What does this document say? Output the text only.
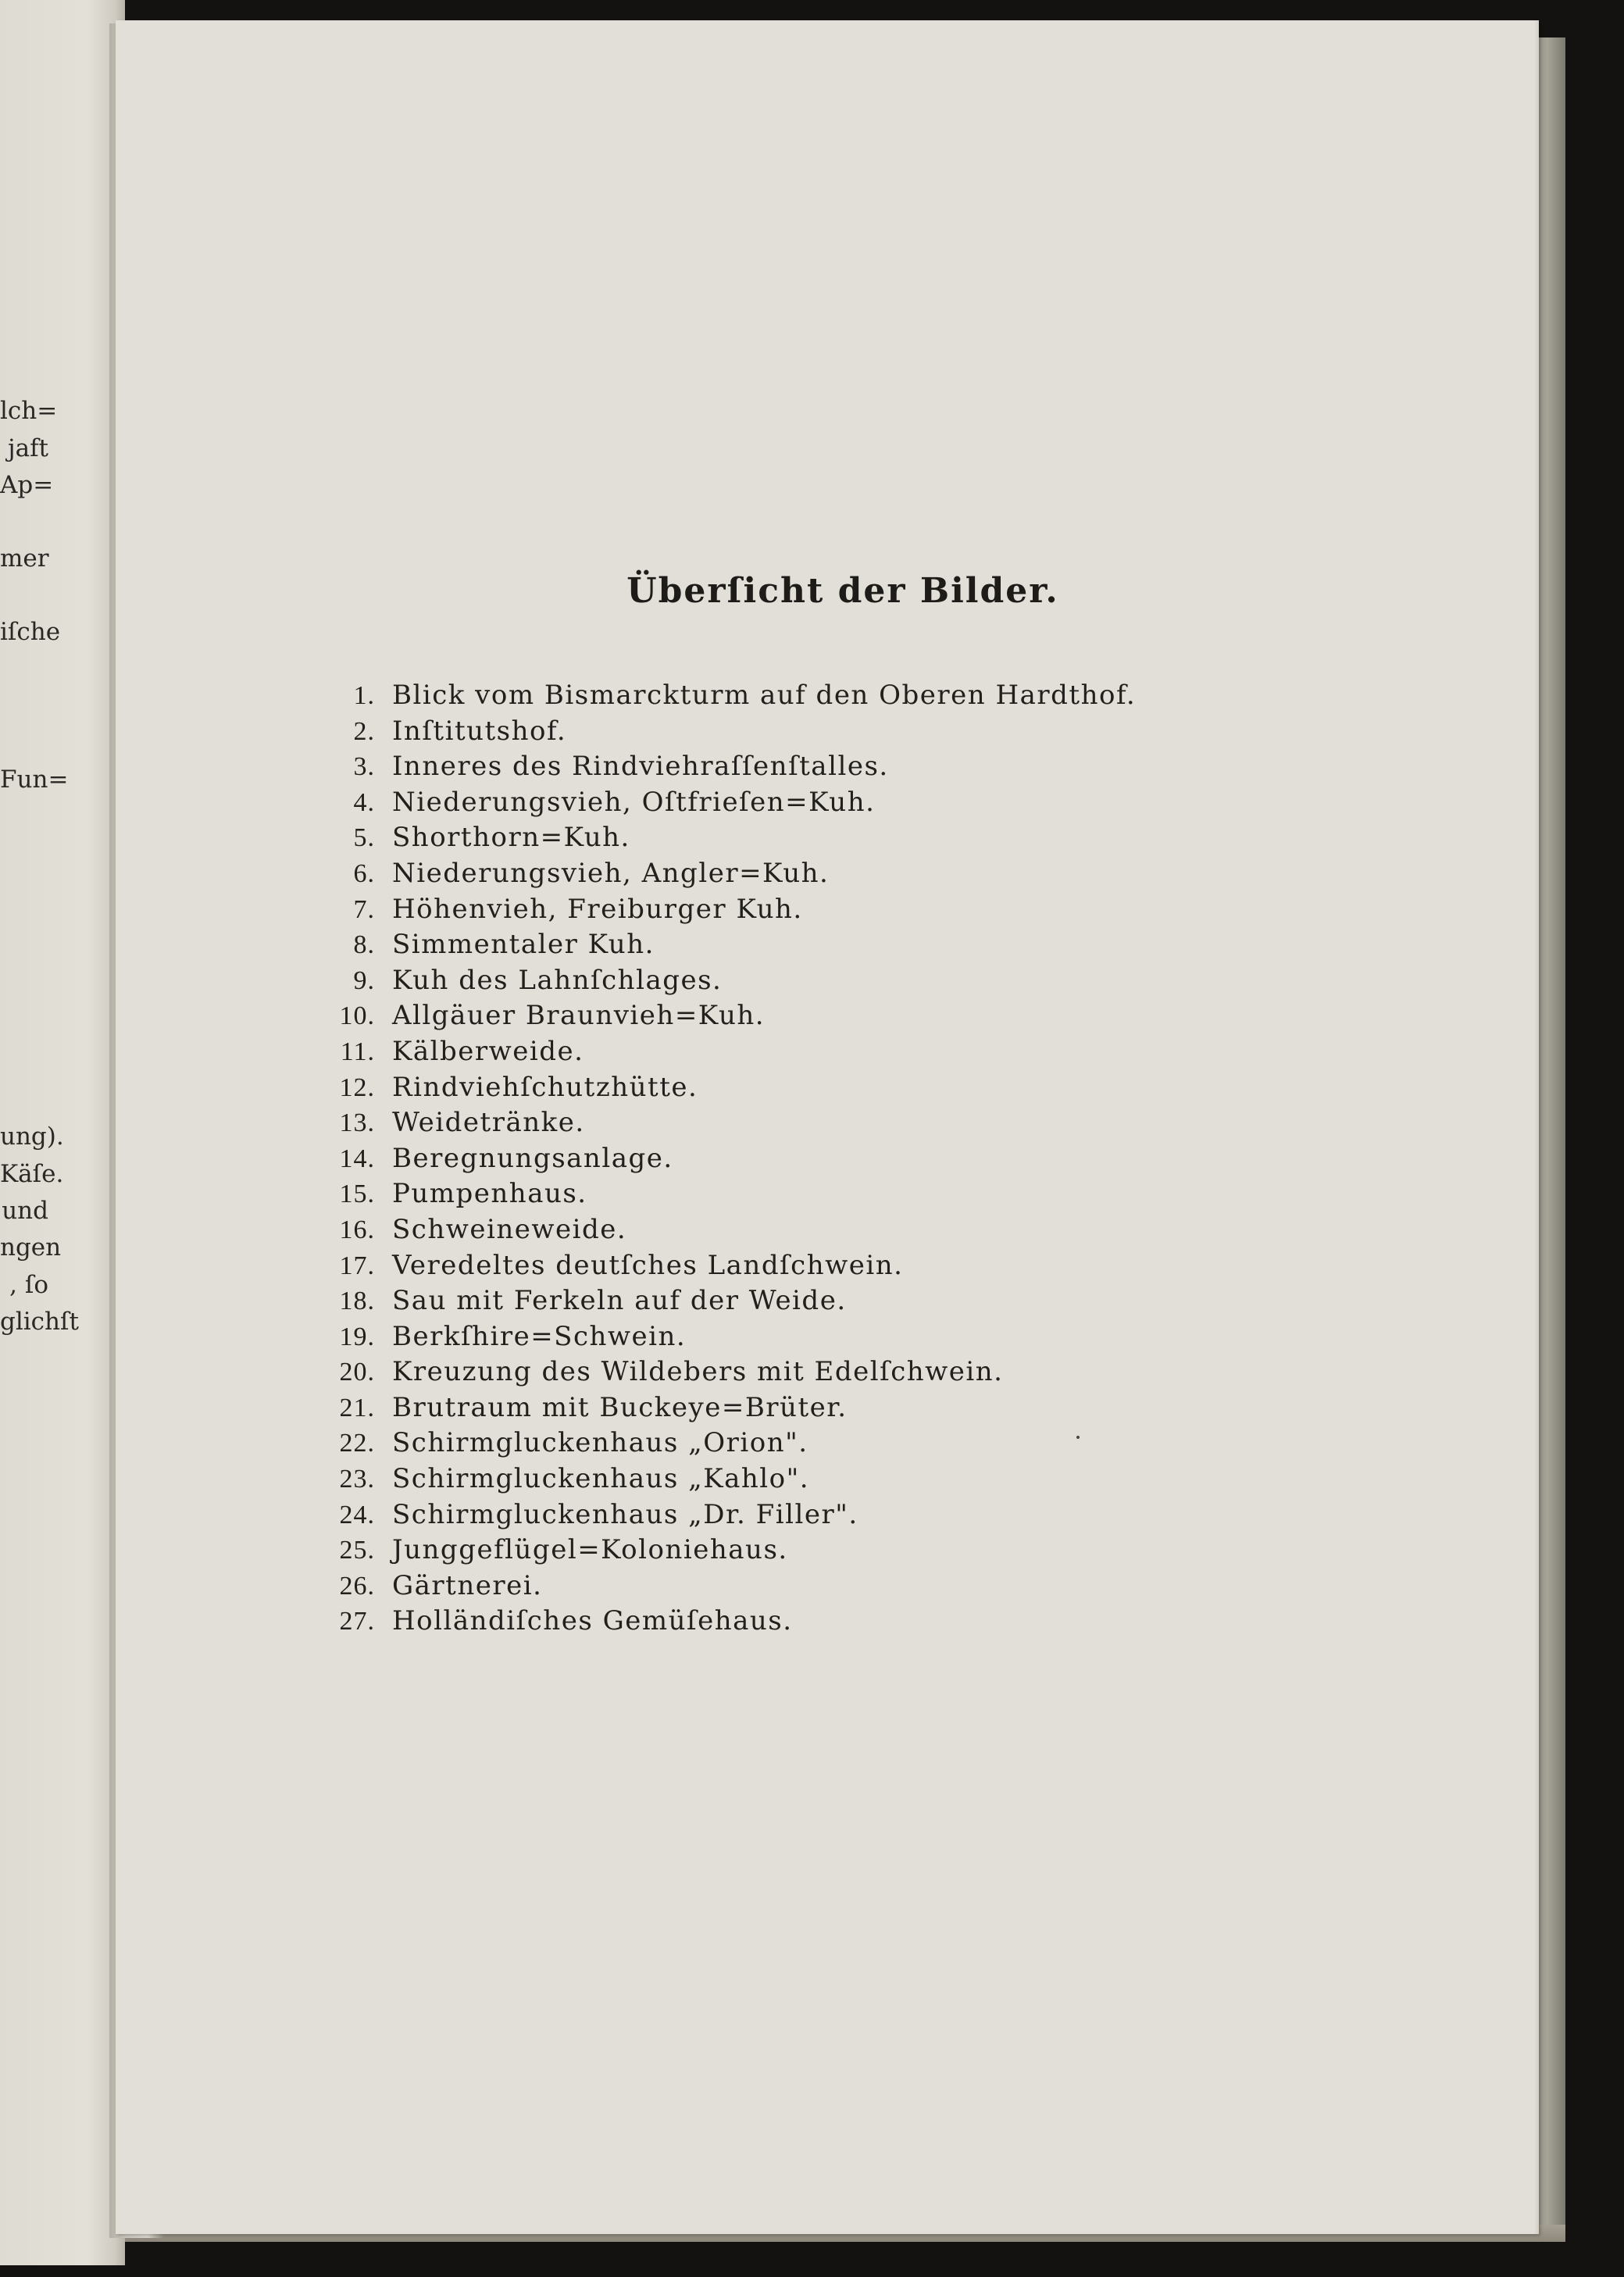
lch=
jaft
Ap=
mer
iſche
Fun=
ung).
Käſe.
und
ngen
, ſo
glichſt
Überſicht der Bilder.
1. Blick vom Bismarckturm auf den Oberen Hardthof.
2. Inſtitutshof.
3. Inneres des Rindviehraſſenſtalles.
4. Niederungsvieh, Oſtfrieſen=Kuh.
5. Shorthorn=Kuh.
6. Niederungsvieh, Angler=Kuh.
7. Höhenvieh, Freiburger Kuh.
8. Simmentaler Kuh.
9. Kuh des Lahnſchlages.
10. Allgäuer Braunvieh=Kuh.
11. Kälberweide.
12. Rindviehſchutzhütte.
13. Weidetränke.
14. Beregnungsanlage.
15. Pumpenhaus.
16. Schweineweide.
17. Veredeltes deutſches Landſchwein.
18. Sau mit Ferkeln auf der Weide.
19. Berkſhire=Schwein.
20. Kreuzung des Wildebers mit Edelſchwein.
21. Brutraum mit Buckeye=Brüter.
22. Schirmgluckenhaus „Orion".
23. Schirmgluckenhaus „Kahlo".
24. Schirmgluckenhaus „Dr. Filler".
25. Junggeflügel=Koloniehaus.
26. Gärtnerei.
27. Holländiſches Gemüſehaus.
